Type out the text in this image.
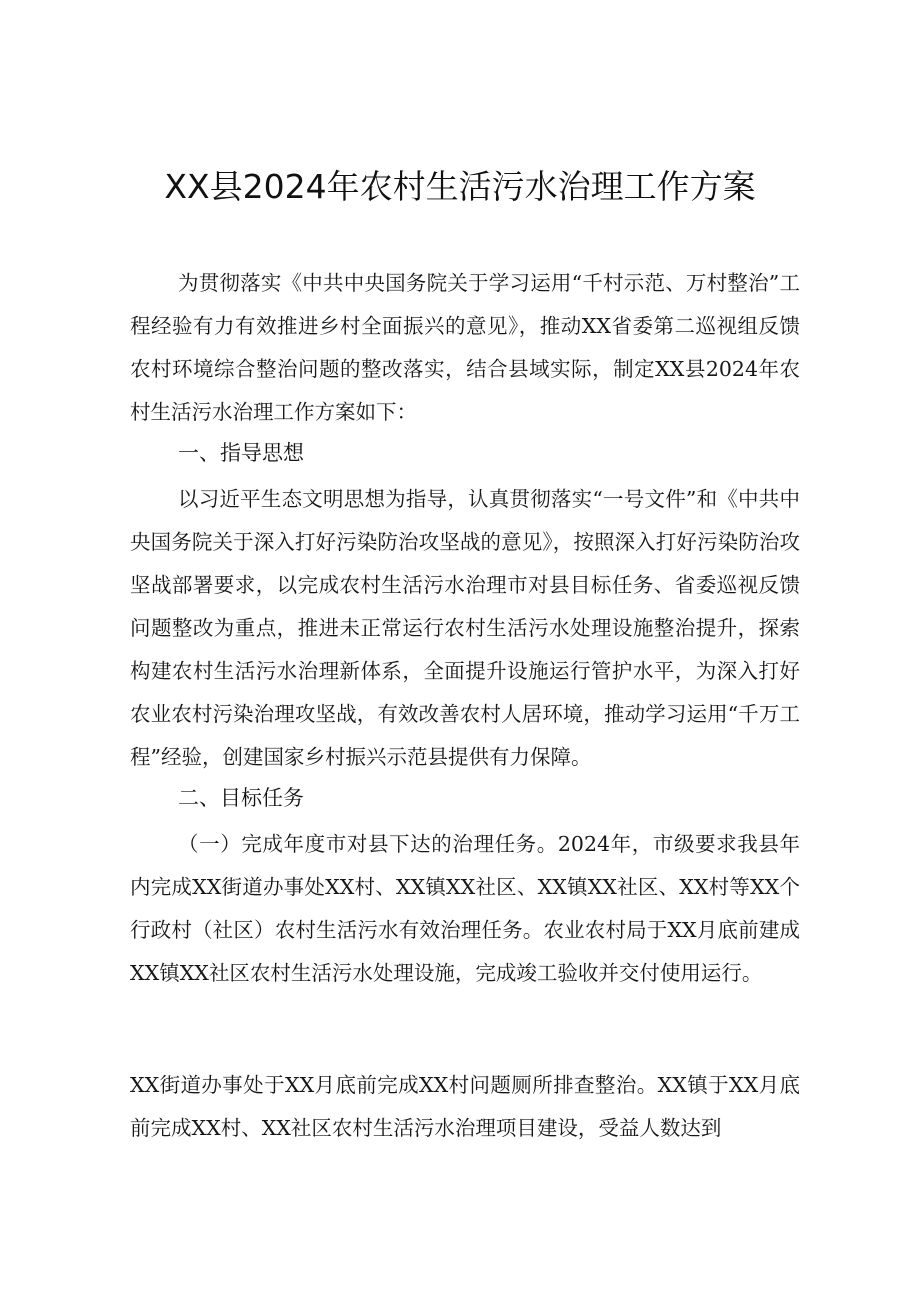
XX县2024年农村生活污水治理工作方案

为贯彻落实《中共中央国务院关于学习运用“千村示范、万村整治”工程经验有力有效推进乡村全面振兴的意见》，推动XX省委第二巡视组反馈农村环境综合整治问题的整改落实，结合县域实际，制定XX县2024年农村生活污水治理工作方案如下：

一、指导思想

以习近平生态文明思想为指导，认真贯彻落实“一号文件”和《中共中央国务院关于深入打好污染防治攻坚战的意见》，按照深入打好污染防治攻坚战部署要求，以完成农村生活污水治理市对县目标任务、省委巡视反馈问题整改为重点，推进未正常运行农村生活污水处理设施整治提升，探索构建农村生活污水治理新体系，全面提升设施运行管护水平，为深入打好农业农村污染治理攻坚战，有效改善农村人居环境，推动学习运用“千万工程”经验，创建国家乡村振兴示范县提供有力保障。

二、目标任务

（一）完成年度市对县下达的治理任务。2024年，市级要求我县年内完成XX街道办事处XX村、XX镇XX社区、XX镇XX社区、XX村等XX个行政村（社区）农村生活污水有效治理任务。农业农村局于XX月底前建成XX镇XX社区农村生活污水处理设施，完成竣工验收并交付使用运行。

XX街道办事处于XX月底前完成XX村问题厕所排查整治。XX镇于XX月底前完成XX村、XX社区农村生活污水治理项目建设，受益人数达到
